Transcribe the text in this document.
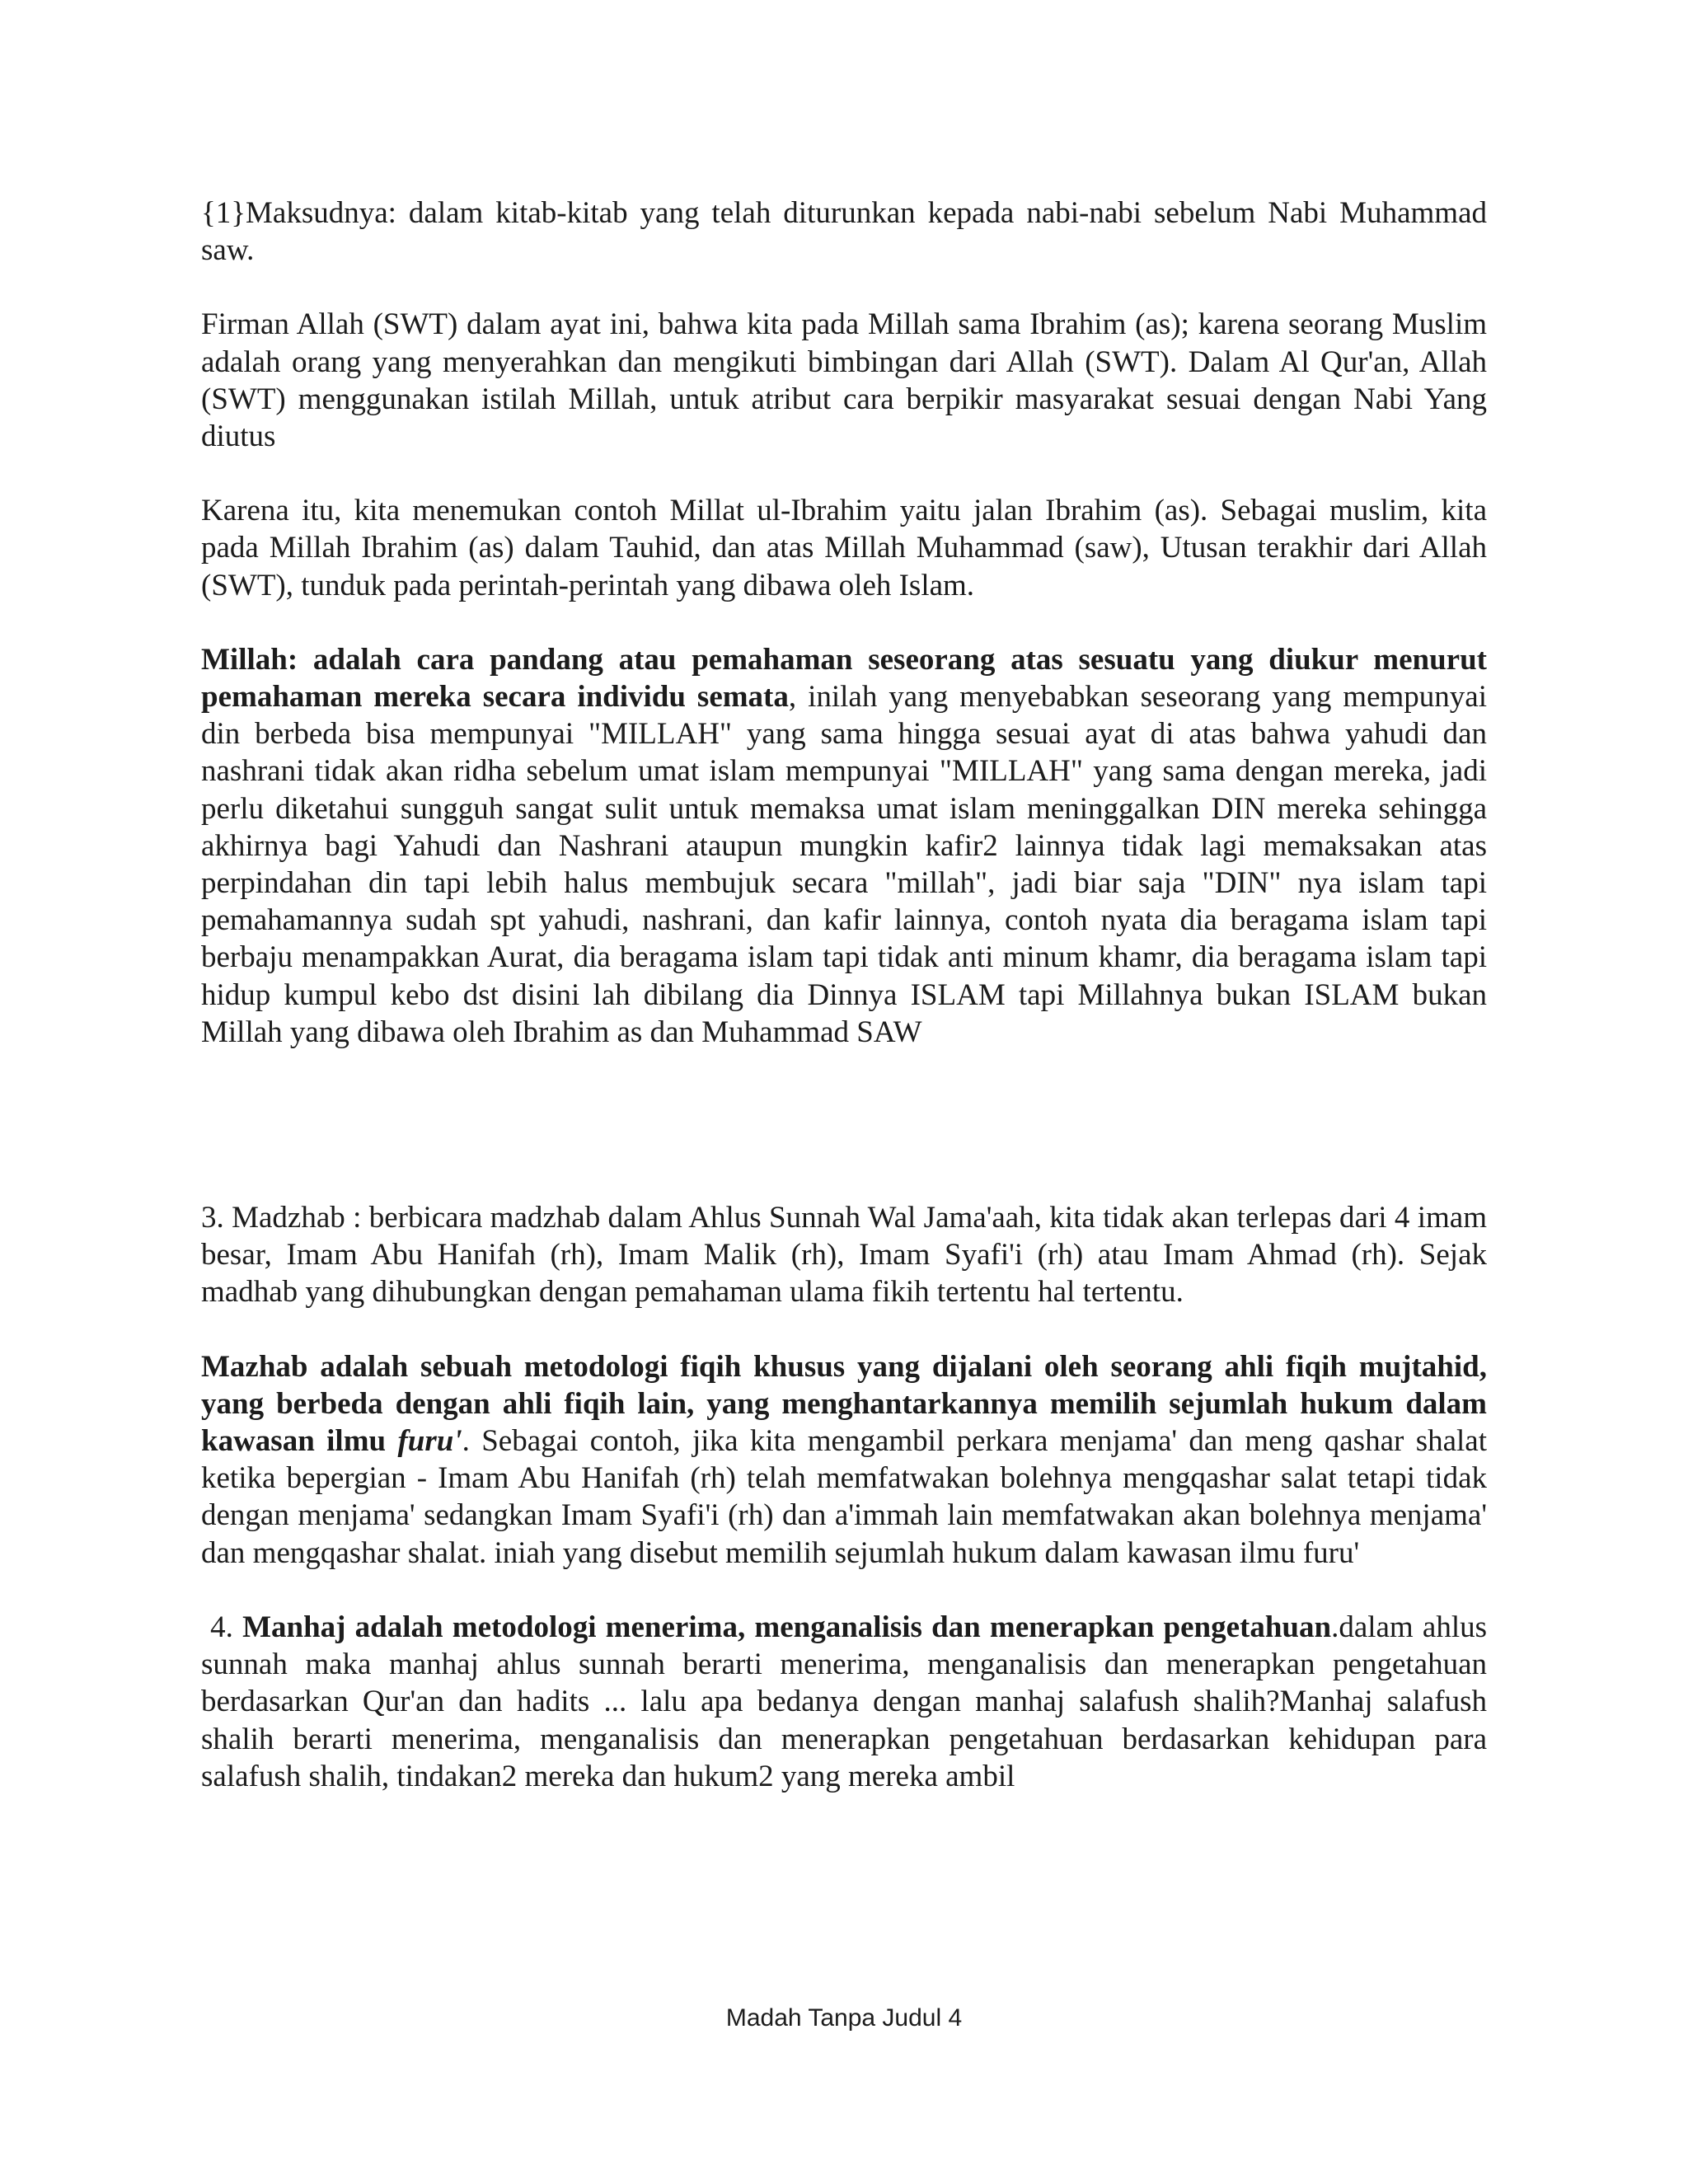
{1}Maksudnya: dalam kitab-kitab yang telah diturunkan kepada nabi-nabi sebelum Nabi Muhammad saw.

Firman Allah (SWT) dalam ayat ini, bahwa kita pada Millah sama Ibrahim (as); karena seorang Muslim adalah orang yang menyerahkan dan mengikuti bimbingan dari Allah (SWT). Dalam Al Qur'an, Allah (SWT) menggunakan istilah Millah, untuk atribut cara berpikir masyarakat sesuai dengan Nabi Yang diutus

Karena itu, kita menemukan contoh Millat ul-Ibrahim yaitu jalan Ibrahim (as). Sebagai muslim, kita pada Millah Ibrahim (as) dalam Tauhid, dan atas Millah Muhammad (saw), Utusan terakhir dari Allah (SWT), tunduk pada perintah-perintah yang dibawa oleh Islam.

Millah: adalah cara pandang atau pemahaman seseorang atas sesuatu yang diukur menurut pemahaman mereka secara individu semata, inilah yang menyebabkan seseorang yang mempunyai din berbeda bisa mempunyai "MILLAH" yang sama hingga sesuai ayat di atas bahwa yahudi dan nashrani tidak akan ridha sebelum umat islam mempunyai "MILLAH" yang sama dengan mereka, jadi perlu diketahui sungguh sangat sulit untuk memaksa umat islam meninggalkan DIN mereka sehingga akhirnya bagi Yahudi dan Nashrani ataupun mungkin kafir2 lainnya tidak lagi memaksakan atas perpindahan din tapi lebih halus membujuk secara "millah", jadi biar saja "DIN" nya islam tapi pemahamannya sudah spt yahudi, nashrani, dan kafir lainnya, contoh nyata dia beragama islam tapi berbaju menampakkan Aurat, dia beragama islam tapi tidak anti minum khamr, dia beragama islam tapi hidup kumpul kebo dst disini lah dibilang dia Dinnya ISLAM tapi Millahnya bukan ISLAM bukan Millah yang dibawa oleh Ibrahim as dan Muhammad SAW

3. Madzhab : berbicara madzhab dalam Ahlus Sunnah Wal Jama'aah, kita tidak akan terlepas dari 4 imam besar, Imam Abu Hanifah (rh), Imam Malik (rh), Imam Syafi'i (rh) atau Imam Ahmad (rh). Sejak madhab yang dihubungkan dengan pemahaman ulama fikih tertentu hal tertentu.

Mazhab adalah sebuah metodologi fiqih khusus yang dijalani oleh seorang ahli fiqih mujtahid, yang berbeda dengan ahli fiqih lain, yang menghantarkannya memilih sejumlah hukum dalam kawasan ilmu furu'. Sebagai contoh, jika kita mengambil perkara menjama' dan meng qashar shalat ketika bepergian - Imam Abu Hanifah (rh) telah memfatwakan bolehnya mengqashar salat tetapi tidak dengan menjama' sedangkan Imam Syafi'i (rh) dan a'immah lain memfatwakan akan bolehnya menjama' dan mengqashar shalat. iniah yang disebut memilih sejumlah hukum dalam kawasan ilmu furu'

4. Manhaj adalah metodologi menerima, menganalisis dan menerapkan pengetahuan.dalam ahlus sunnah maka manhaj ahlus sunnah berarti menerima, menganalisis dan menerapkan pengetahuan berdasarkan Qur'an dan hadits ... lalu apa bedanya dengan manhaj salafush shalih?Manhaj salafush shalih berarti menerima, menganalisis dan menerapkan pengetahuan berdasarkan kehidupan para salafush shalih, tindakan2 mereka dan hukum2 yang mereka ambil

Madah Tanpa Judul 4
